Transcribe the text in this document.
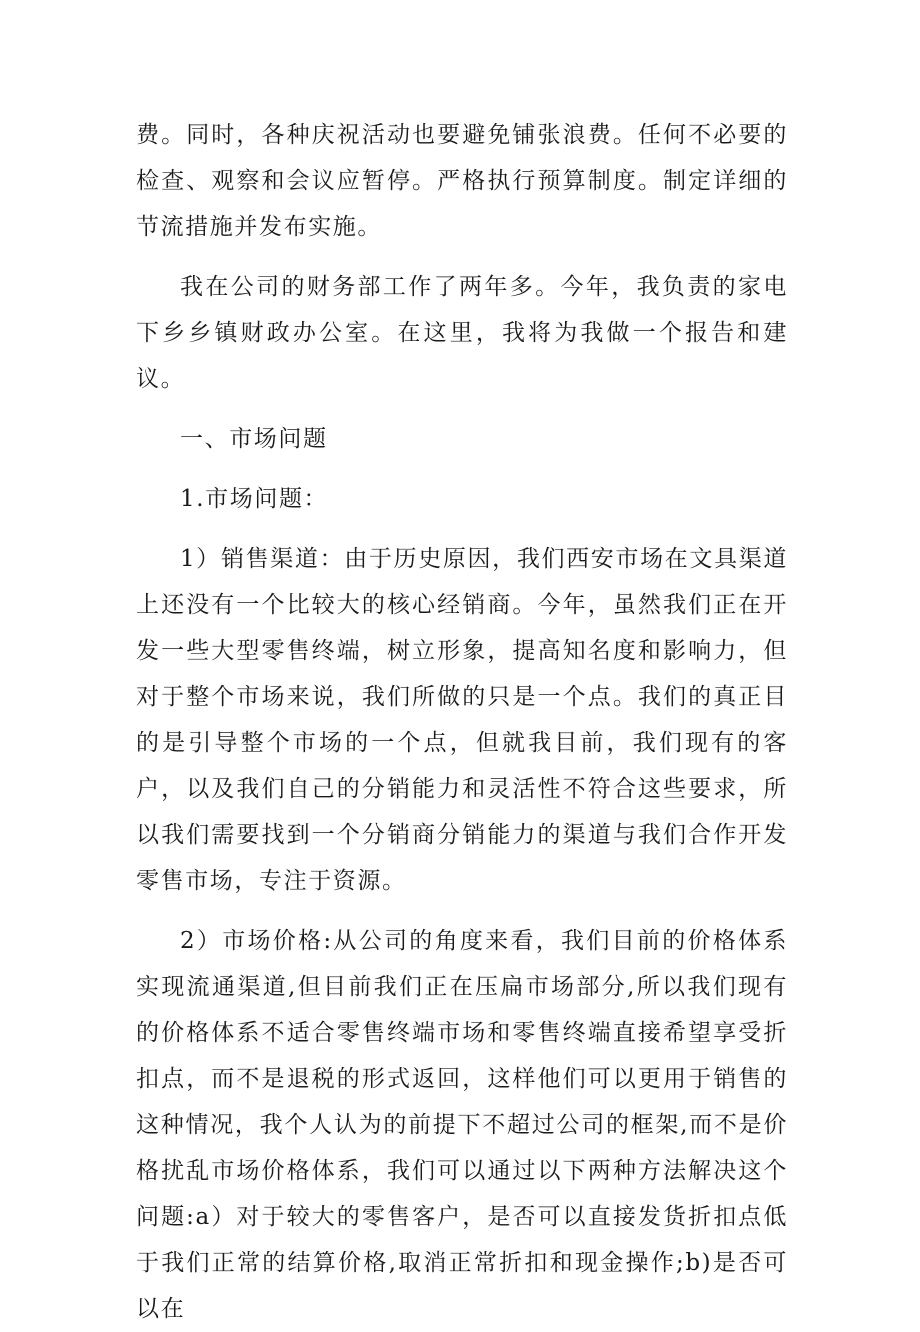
费。同时，各种庆祝活动也要避免铺张浪费。任何不必要的检查、观察和会议应暂停。严格执行预算制度。制定详细的节流措施并发布实施。

我在公司的财务部工作了两年多。今年，我负责的家电下乡乡镇财政办公室。在这里，我将为我做一个报告和建议。

一、市场问题

1.市场问题：

1）销售渠道：由于历史原因，我们西安市场在文具渠道上还没有一个比较大的核心经销商。今年，虽然我们正在开发一些大型零售终端，树立形象，提高知名度和影响力，但对于整个市场来说，我们所做的只是一个点。我们的真正目的是引导整个市场的一个点，但就我目前，我们现有的客户，以及我们自己的分销能力和灵活性不符合这些要求，所以我们需要找到一个分销商分销能力的渠道与我们合作开发零售市场，专注于资源。

2）市场价格:从公司的角度来看，我们目前的价格体系实现流通渠道,但目前我们正在压扁市场部分,所以我们现有的价格体系不适合零售终端市场和零售终端直接希望享受折扣点，而不是退税的形式返回，这样他们可以更用于销售的这种情况，我个人认为的前提下不超过公司的框架,而不是价格扰乱市场价格体系，我们可以通过以下两种方法解决这个问题:a）对于较大的零售客户，是否可以直接发货折扣点低于我们正常的结算价格,取消正常折扣和现金操作;b)是否可以在
